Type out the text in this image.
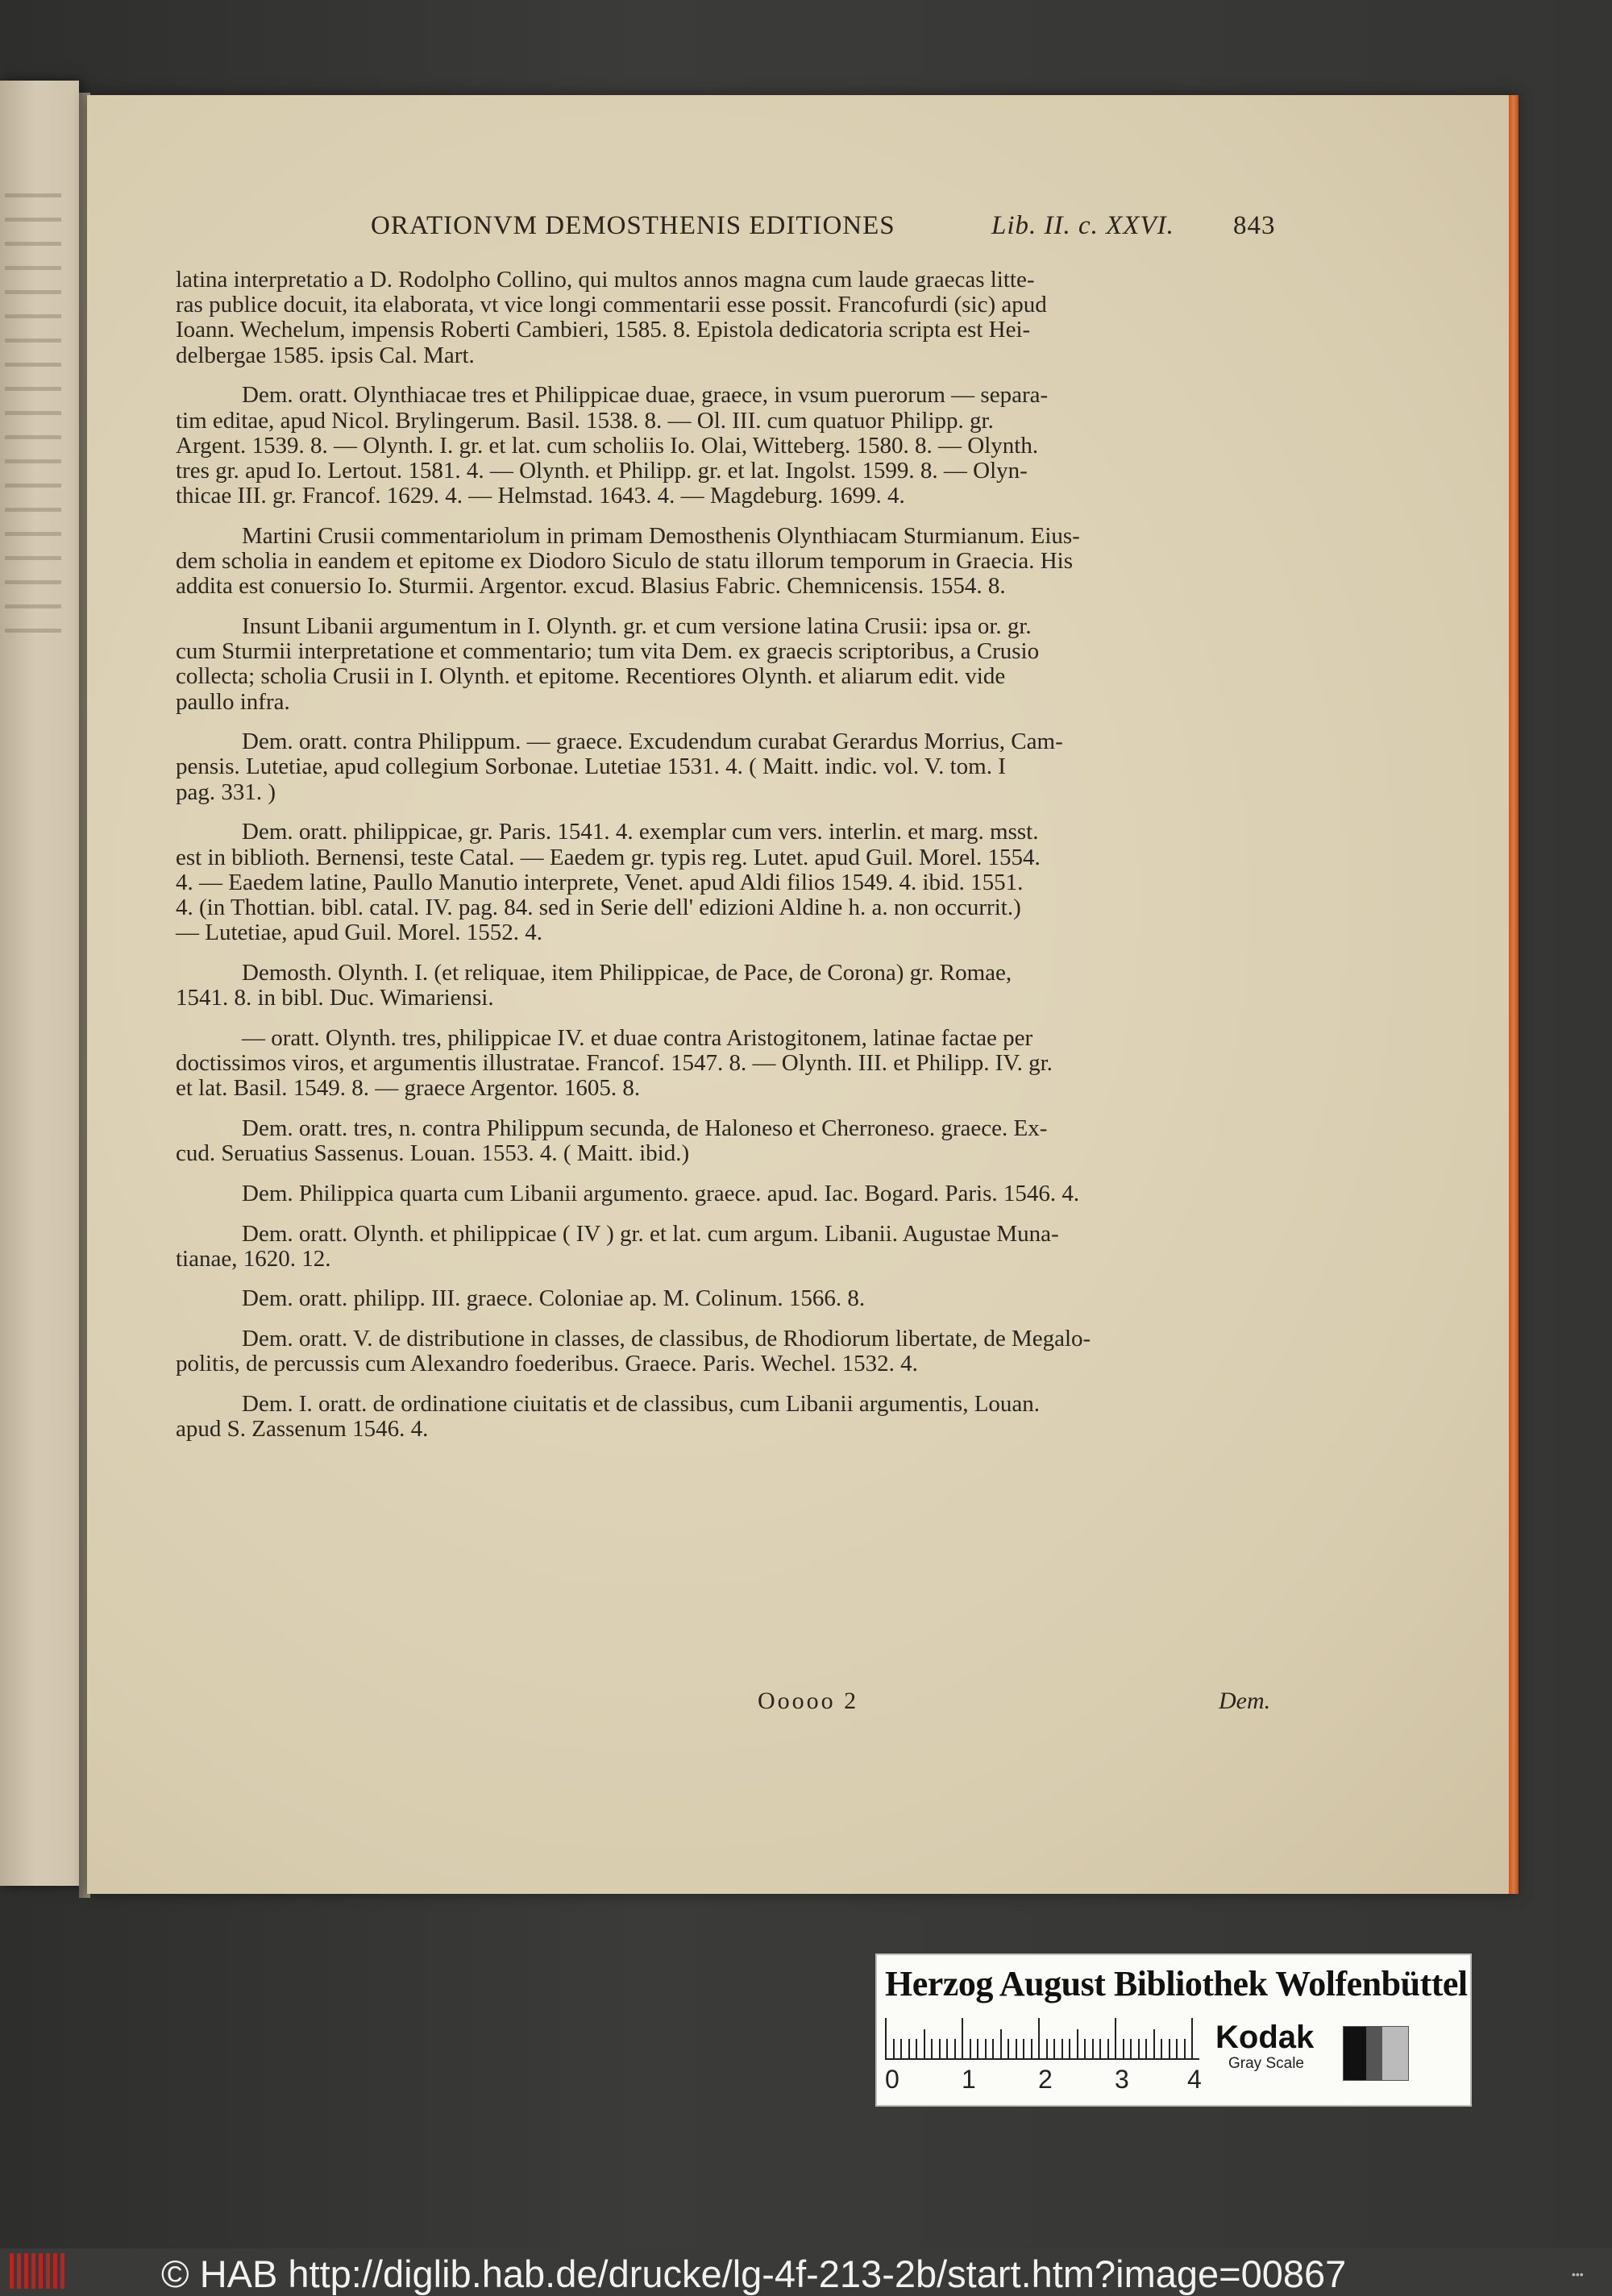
ORATIONVM DEMOSTHENIS EDITIONES	Lib. II. c. XXVI. 843
latina interpretatio a D. Rodolpho Collino, qui multos annos magna cum laude graecas litte-
ras publice docuit, ita elaborata, vt vice longi commentarii esse possit. Francofurdi (sic) apud
Ioann. Wechelum, impensis Roberti Cambieri, 1585. 8. Epistola dedicatoria scripta est Hei-
delbergae 1585. ipsis Cal. Mart.
Dem. oratt. Olynthiacae tres et Philippicae duae, graece, in vsum puerorum — separa-
tim editae, apud Nicol. Brylingerum. Basil. 1538. 8. — Ol. III. cum quatuor Philipp. gr.
Argent. 1539. 8. — Olynth. I. gr. et lat. cum scholiis Io. Olai, Witteberg. 1580. 8. — Olynth.
tres gr. apud Io. Lertout. 1581. 4. — Olynth. et Philipp. gr. et lat. Ingolst. 1599. 8. — Olyn-
thicae III. gr. Francof. 1629. 4. — Helmstad. 1643. 4. — Magdeburg. 1699. 4.
Martini Crusii commentariolum in primam Demosthenis Olynthiacam Sturmianum. Eius-
dem scholia in eandem et epitome ex Diodoro Siculo de statu illorum temporum in Graecia. His
addita est conuersio Io. Sturmii. Argentor. excud. Blasius Fabric. Chemnicensis. 1554. 8.
Insunt Libanii argumentum in I. Olynth. gr. et cum versione latina Crusii: ipsa or. gr.
cum Sturmii interpretatione et commentario; tum vita Dem. ex graecis scriptoribus, a Crusio
collecta; scholia Crusii in I. Olynth. et epitome. Recentiores Olynth. et aliarum edit. vide
paullo infra.
Dem. oratt. contra Philippum. — graece. Excudendum curabat Gerardus Morrius, Cam-
pensis. Lutetiae, apud collegium Sorbonae. Lutetiae 1531. 4. ( Maitt. indic. vol. V. tom. I
pag. 331. )
Dem. oratt. philippicae, gr. Paris. 1541. 4. exemplar cum vers. interlin. et marg. msst.
est in biblioth. Bernensi, teste Catal. — Eaedem gr. typis reg. Lutet. apud Guil. Morel. 1554.
4. — Eaedem latine, Paullo Manutio interprete, Venet. apud Aldi filios 1549. 4. ibid. 1551.
4. (in Thottian. bibl. catal. IV. pag. 84. sed in Serie dell' edizioni Aldine h. a. non occurrit.)
— Lutetiae, apud Guil. Morel. 1552. 4.
Demosth. Olynth. I. (et reliquae, item Philippicae, de Pace, de Corona) gr. Romae,
1541. 8. in bibl. Duc. Wimariensi.
— oratt. Olynth. tres, philippicae IV. et duae contra Aristogitonem, latinae factae per
doctissimos viros, et argumentis illustratae. Francof. 1547. 8. — Olynth. III. et Philipp. IV. gr.
et lat. Basil. 1549. 8. — graece Argentor. 1605. 8.
Dem. oratt. tres, n. contra Philippum secunda, de Haloneso et Cherroneso. graece. Ex-
cud. Seruatius Sassenus. Louan. 1553. 4. ( Maitt. ibid.)
Dem. Philippica quarta cum Libanii argumento. graece. apud. Iac. Bogard. Paris. 1546. 4.
Dem. oratt. Olynth. et philippicae ( IV ) gr. et lat. cum argum. Libanii. Augustae Muna-
tianae, 1620. 12.
Dem. oratt. philipp. III. graece. Coloniae ap. M. Colinum. 1566. 8.
Dem. oratt. V. de distributione in classes, de classibus, de Rhodiorum libertate, de Megalo-
politis, de percussis cum Alexandro foederibus. Graece. Paris. Wechel. 1532. 4.
Dem. I. oratt. de ordinatione ciuitatis et de classibus, cum Libanii argumentis, Louan.
apud S. Zassenum 1546. 4.
Ooooo 2	Dem.
Herzog August Bibliothek Wolfenbüttel
0 1 2 3 4
Kodak
Gray Scale
© HAB http://diglib.hab.de/drucke/lg-4f-213-2b/start.htm?image=00867	•••
